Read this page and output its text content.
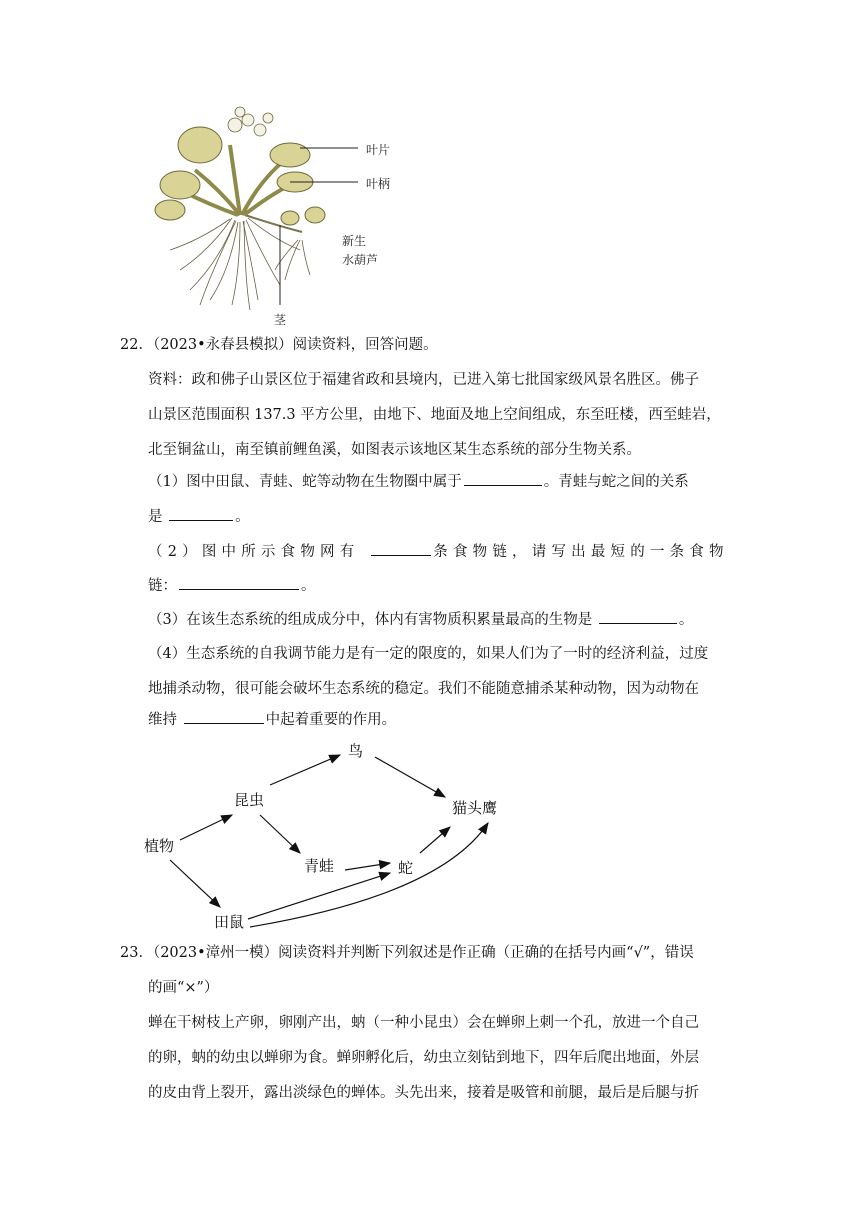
叶片
叶柄
新生
水葫芦
茎
22．（2023•永春县模拟）阅读资料，回答问题。
资料：政和佛子山景区位于福建省政和县境内，已进入第七批国家级风景名胜区。佛子
山景区范围面积 137.3 平方公里，由地下、地面及地上空间组成，东至旺楼，西至蛙岩，
北至铜盆山，南至镇前鲤鱼溪，如图表示该地区某生态系统的部分生物关系。
（1）图中田鼠、青蛙、蛇等动物在生物圈中属于	。青蛙与蛇之间的关系
是	。
（2）图中所示食物网有	条食物链，请写出最短的一条食物
链：	。
（3）在该生态系统的组成成分中，体内有害物质积累量最高的生物是	。
（4）生态系统的自我调节能力是有一定的限度的，如果人们为了一时的经济利益，过度
地捕杀动物，很可能会破坏生态系统的稳定。我们不能随意捕杀某种动物，因为动物在
维持	中起着重要的作用。
植物
昆虫
鸟
猫头鹰
青蛙	蛇
田鼠
23．（2023•漳州一模）阅读资料并判断下列叙述是作正确（正确的在括号内画“√”，错误
的画“×”）
蝉在干树枝上产卵，卵刚产出，蚋（一种小昆虫）会在蝉卵上刺一个孔，放进一个自己
的卵，蚋的幼虫以蝉卵为食。蝉卵孵化后，幼虫立刻钻到地下，四年后爬出地面，外层
的皮由背上裂开，露出淡绿色的蝉体。头先出来，接着是吸管和前腿，最后是后腿与折
